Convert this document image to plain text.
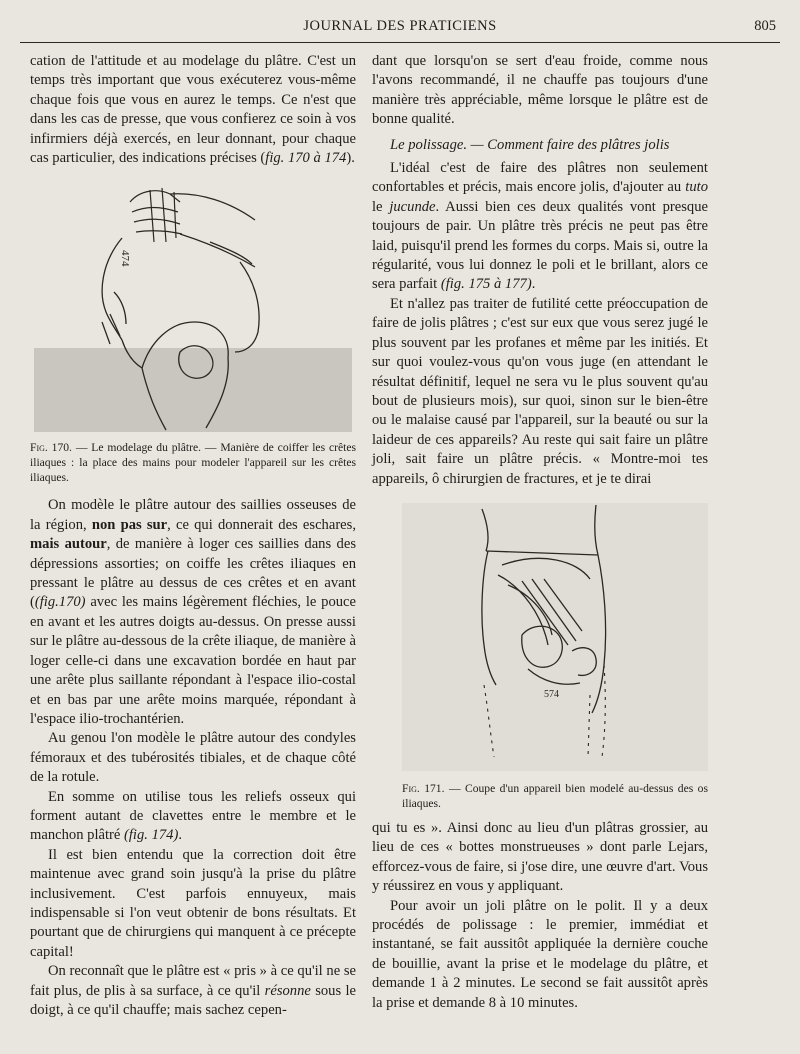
JOURNAL DES PRATICIENS	805

cation de l'attitude et au modelage du plâtre. C'est un temps très important que vous exécuterez vous-même chaque fois que vous en aurez le temps. Ce n'est que dans les cas de presse, que vous confierez ce soin à vos infirmiers déjà exercés, en leur donnant, pour chaque cas particulier, des indications précises (fig. 170 à 174).

474
Fig. 170. — Le modelage du plâtre. — Manière de coiffer les crêtes iliaques : la place des mains pour modeler l'appareil sur les crêtes iliaques.

On modèle le plâtre autour des saillies osseuses de la région, non pas sur, ce qui donnerait des eschares, mais autour, de manière à loger ces saillies dans des dépressions assorties; on coiffe les crêtes iliaques en pressant le plâtre au dessus de ces crêtes et en avant ((fig.170) avec les mains légèrement fléchies, le pouce en avant et les autres doigts au-dessus. On presse aussi sur le plâtre au-dessous de la crête iliaque, de manière à loger celle-ci dans une excavation bordée en haut par une arête plus saillante répondant à l'espace ilio-costal et en bas par une arête moins marquée, répondant à l'espace ilio-trochantérien.

Au genou l'on modèle le plâtre autour des condyles fémoraux et des tubérosités tibiales, et de chaque côté de la rotule.

En somme on utilise tous les reliefs osseux qui forment autant de clavettes entre le membre et le manchon plâtré (fig. 174).

Il est bien entendu que la correction doit être maintenue avec grand soin jusqu'à la prise du plâtre inclusivement. C'est parfois ennuyeux, mais indispensable si l'on veut obtenir de bons résultats. Et pourtant que de chirurgiens qui manquent à ce précepte capital!

On reconnaît que le plâtre est « pris » à ce qu'il ne se fait plus, de plis à sa surface, à ce qu'il résonne sous le doigt, à ce qu'il chauffe; mais sachez cepen-

dant que lorsqu'on se sert d'eau froide, comme nous l'avons recommandé, il ne chauffe pas toujours d'une manière très appréciable, même lorsque le plâtre est de bonne qualité.

Le polissage. — Comment faire des plâtres jolis

L'idéal c'est de faire des plâtres non seulement confortables et précis, mais encore jolis, d'ajouter au tuto le jucunde. Aussi bien ces deux qualités vont presque toujours de pair. Un plâtre très précis ne peut pas être laid, puisqu'il prend les formes du corps. Mais si, outre la régularité, vous lui donnez le poli et le brillant, alors ce sera parfait (fig. 175 à 177).

Et n'allez pas traiter de futilité cette préoccupation de faire de jolis plâtres ; c'est sur eux que vous serez jugé le plus souvent par les profanes et même par les initiés. Et sur quoi voulez-vous qu'on vous juge (en attendant le résultat définitif, lequel ne sera vu le plus souvent qu'au bout de plusieurs mois), sur quoi, sinon sur le bien-être ou le malaise causé par l'appareil, sur la beauté ou sur la laideur de ces appareils? Au reste qui sait faire un plâtre joli, sait faire un plâtre précis. « Montre-moi tes appareils, ô chirurgien de fractures, et je te dirai

574
Fig. 171. — Coupe d'un appareil bien modelé au-dessus des os iliaques.

qui tu es ». Ainsi donc au lieu d'un plâtras grossier, au lieu de ces « bottes monstrueuses » dont parle Lejars, efforcez-vous de faire, si j'ose dire, une œuvre d'art. Vous y réussirez en vous y appliquant.

Pour avoir un joli plâtre on le polit. Il y a deux procédés de polissage : le premier, immédiat et instantané, se fait aussitôt appliquée la dernière couche de bouillie, avant la prise et le modelage du plâtre, et demande 1 à 2 minutes. Le second se fait aussitôt après la prise et demande 8 à 10 minutes.
